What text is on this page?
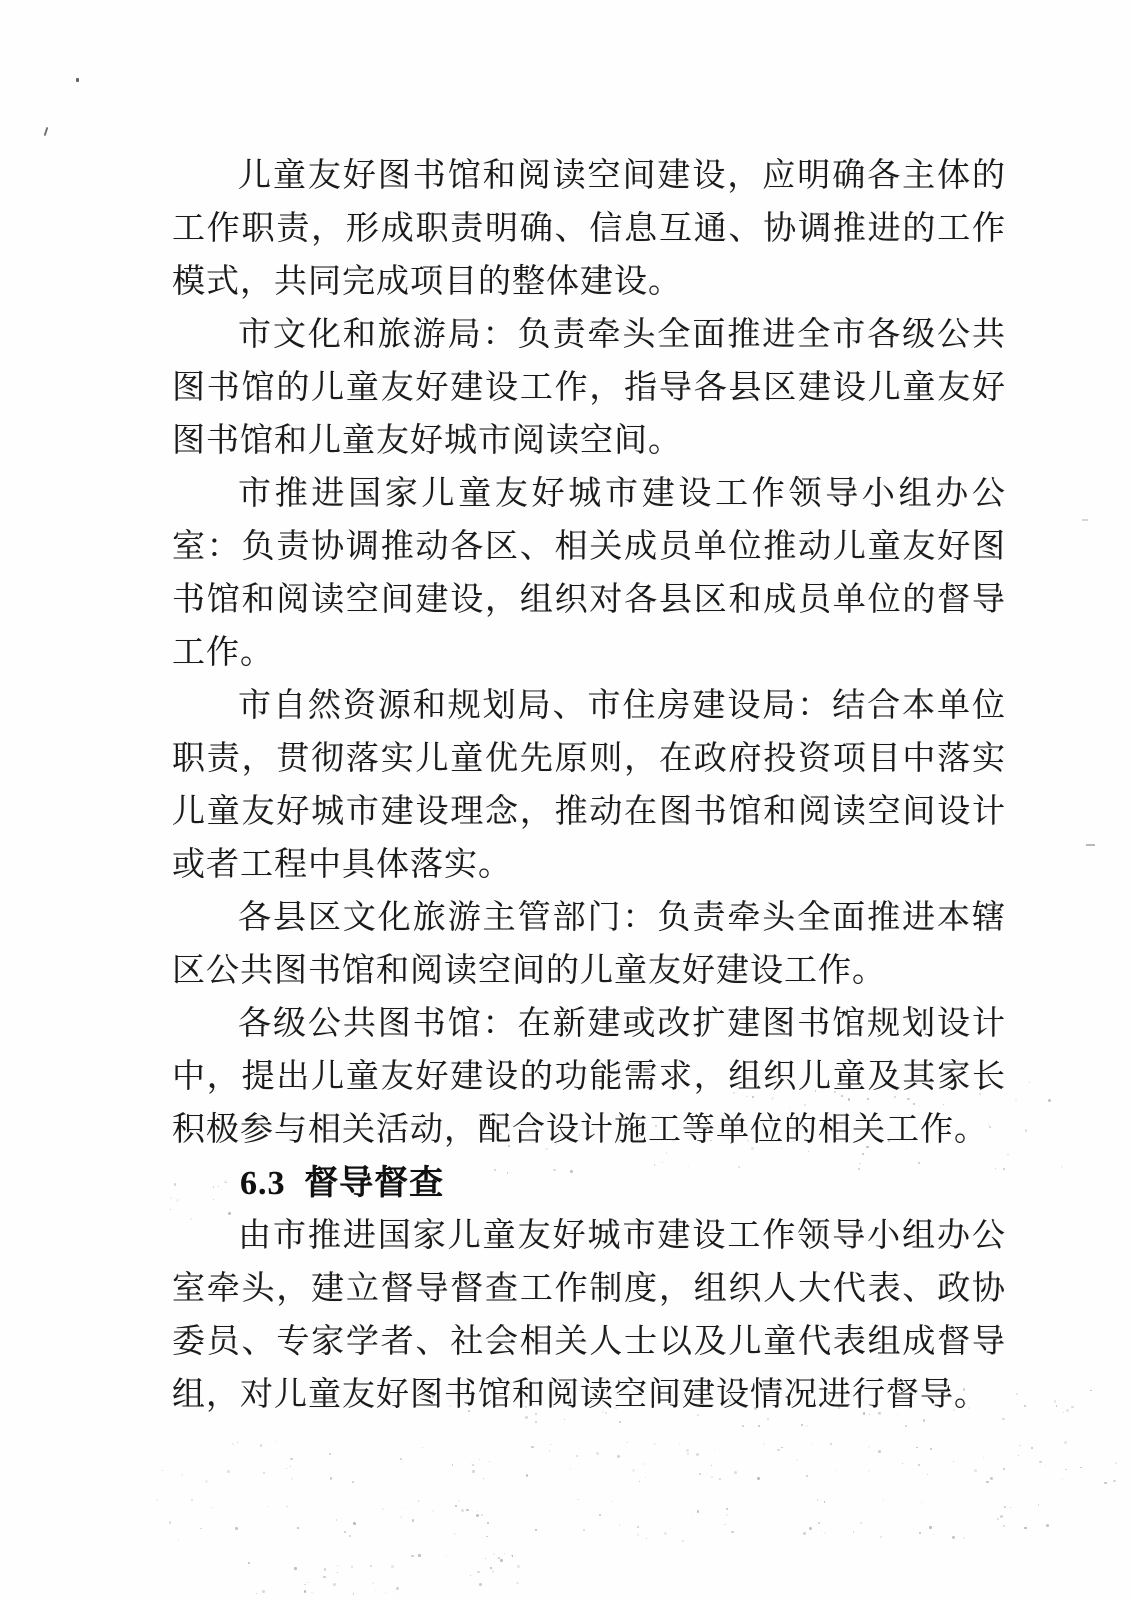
儿童友好图书馆和阅读空间建设，应明确各主体的工作职责，形成职责明确、信息互通、协调推进的工作模式，共同完成项目的整体建设。

市文化和旅游局：负责牵头全面推进全市各级公共图书馆的儿童友好建设工作，指导各县区建设儿童友好图书馆和儿童友好城市阅读空间。

市推进国家儿童友好城市建设工作领导小组办公室：负责协调推动各区、相关成员单位推动儿童友好图书馆和阅读空间建设，组织对各县区和成员单位的督导工作。

市自然资源和规划局、市住房建设局：结合本单位职责，贯彻落实儿童优先原则，在政府投资项目中落实儿童友好城市建设理念，推动在图书馆和阅读空间设计或者工程中具体落实。

各县区文化旅游主管部门：负责牵头全面推进本辖区公共图书馆和阅读空间的儿童友好建设工作。

各级公共图书馆：在新建或改扩建图书馆规划设计中，提出儿童友好建设的功能需求，组织儿童及其家长积极参与相关活动，配合设计施工等单位的相关工作。

6.3 督导督查

由市推进国家儿童友好城市建设工作领导小组办公室牵头，建立督导督查工作制度，组织人大代表、政协委员、专家学者、社会相关人士以及儿童代表组成督导组，对儿童友好图书馆和阅读空间建设情况进行督导。
